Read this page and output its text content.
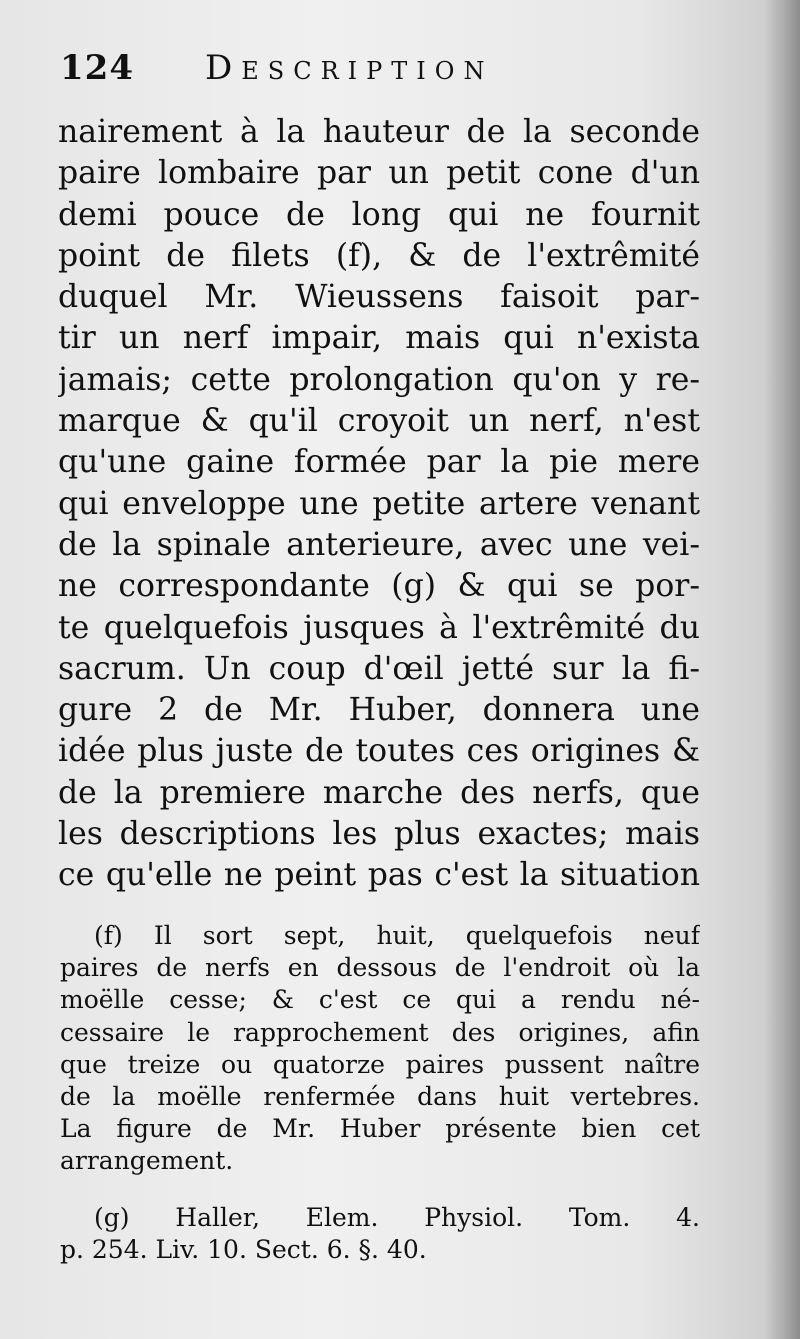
124 Description
nairement à la hauteur de la seconde
paire lombaire par un petit cone d'un
demi pouce de long qui ne fournit
point de filets (f), & de l'extrêmité
duquel Mr. Wieussens faisoit par-
tir un nerf impair, mais qui n'exista
jamais; cette prolongation qu'on y re-
marque & qu'il croyoit un nerf, n'est
qu'une gaine formée par la pie mere
qui enveloppe une petite artere venant
de la spinale anterieure, avec une vei-
ne correspondante (g) & qui se por-
te quelquefois jusques à l'extrêmité du
sacrum. Un coup d'œil jetté sur la fi-
gure 2 de Mr. Huber, donnera une
idée plus juste de toutes ces origines &
de la premiere marche des nerfs, que
les descriptions les plus exactes; mais
ce qu'elle ne peint pas c'est la situation
(f) Il sort sept, huit, quelquefois neuf
paires de nerfs en dessous de l'endroit où la
moëlle cesse; & c'est ce qui a rendu né-
cessaire le rapprochement des origines, afin
que treize ou quatorze paires pussent naître
de la moëlle renfermée dans huit vertebres.
La figure de Mr. Huber présente bien cet
arrangement.
(g) Haller, Elem. Physiol. Tom. 4.
p. 254. Liv. 10. Sect. 6. §. 40.
